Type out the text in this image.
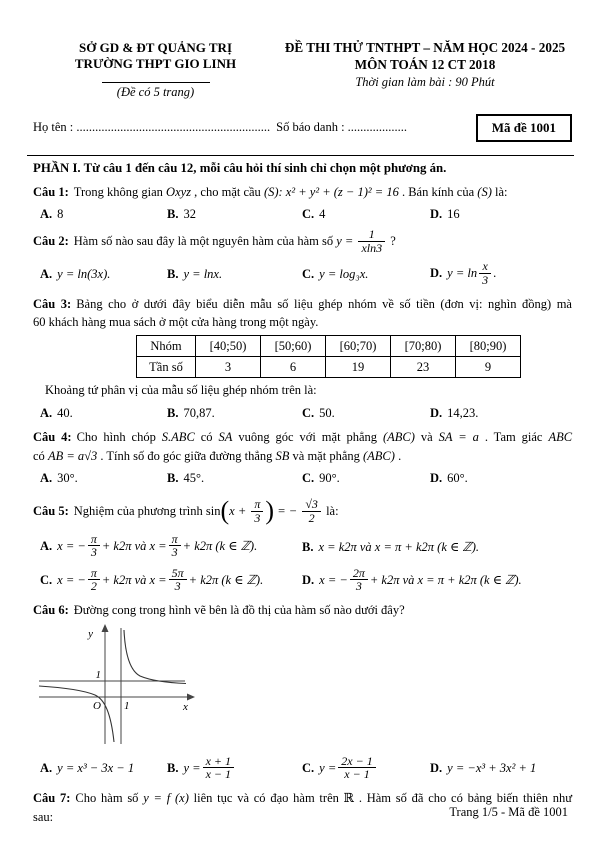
SỞ GD & ĐT QUẢNG TRỊ
TRƯỜNG THPT GIO LINH
(Đề có 5 trang)
ĐỀ THI THỬ TNTHPT – NĂM HỌC 2024 - 2025
MÔN TOÁN 12 CT 2018
Thời gian làm bài : 90 Phút
Họ tên : .............................................................. Số báo danh : ...................	Mã đề 1001
PHẦN I. Từ câu 1 đến câu 12, mỗi câu hỏi thí sinh chỉ chọn một phương án.
Câu 1: Trong không gian Oxyz , cho mặt cầu (S): x² + y² + (z − 1)² = 16 . Bán kính của (S) là:
A. 8	B. 32	C. 4	D. 16
Câu 2: Hàm số nào sau đây là một nguyên hàm của hàm số $y = \frac{1}{xln3}$ ?
A. y = ln(3x).	B. y = lnx.	C. y = log₃x.	D. $y = \ln \frac{x}{3}$ .
Câu 3: Bảng cho ở dưới đây biểu diễn mẫu số liệu ghép nhóm về số tiền (đơn vị: nghìn đồng) mà
60 khách hàng mua sách ở một cửa hàng trong một ngày.
Nhóm	[40;50)	[50;60)	[60;70)	[70;80)	[80;90)
Tần số	3	6	19	23	9
Khoảng tứ phân vị của mẫu số liệu ghép nhóm trên là:
A. 40.	B. 70,87.	C. 50.	D. 14,23.
Câu 4: Cho hình chóp S.ABC có SA vuông góc với mặt phẳng (ABC) và SA = a . Tam giác ABC
có AB = a√3 . Tính số đo góc giữa đường thẳng SB và mặt phẳng (ABC) .
A. 30°.	B. 45°.	C. 90°.	D. 60°.
Câu 5: Nghiệm của phương trình $\sin(x + \frac{\pi}{3}$ ) = − $\frac{√3}{2}$ là:
A. x = − $\frac{\pi}{3} + k2\pi$ và $x = \frac{\pi}{3} + k2\pi$ (k ∈ ℤ).	B. x = k2π và x = π + k2π (k ∈ ℤ).
C. x = − $\frac{\pi}{2} + k2\pi$ và $x = \frac{5\pi}{3} + k2\pi$ (k ∈ ℤ).	D. x = − $\frac{2\pi}{3} + k2\pi$ và x = π + k2π (k ∈ ℤ).
Câu 6: Đường cong trong hình vẽ bên là đồ thị của hàm số nào dưới đây?
y
x
O
1
1
A. y = x³ − 3x − 1	B. $y = \frac{x + 1}{x - 1}$	C. $y = \frac{2x - 1}{x - 1}$	D. y = −x³ + 3x² + 1
Câu 7: Cho hàm số y = f (x) liên tục và có đạo hàm trên ℝ . Hàm số đã cho có bảng biến thiên như
sau:	Trang 1/5 - Mã đề 1001
